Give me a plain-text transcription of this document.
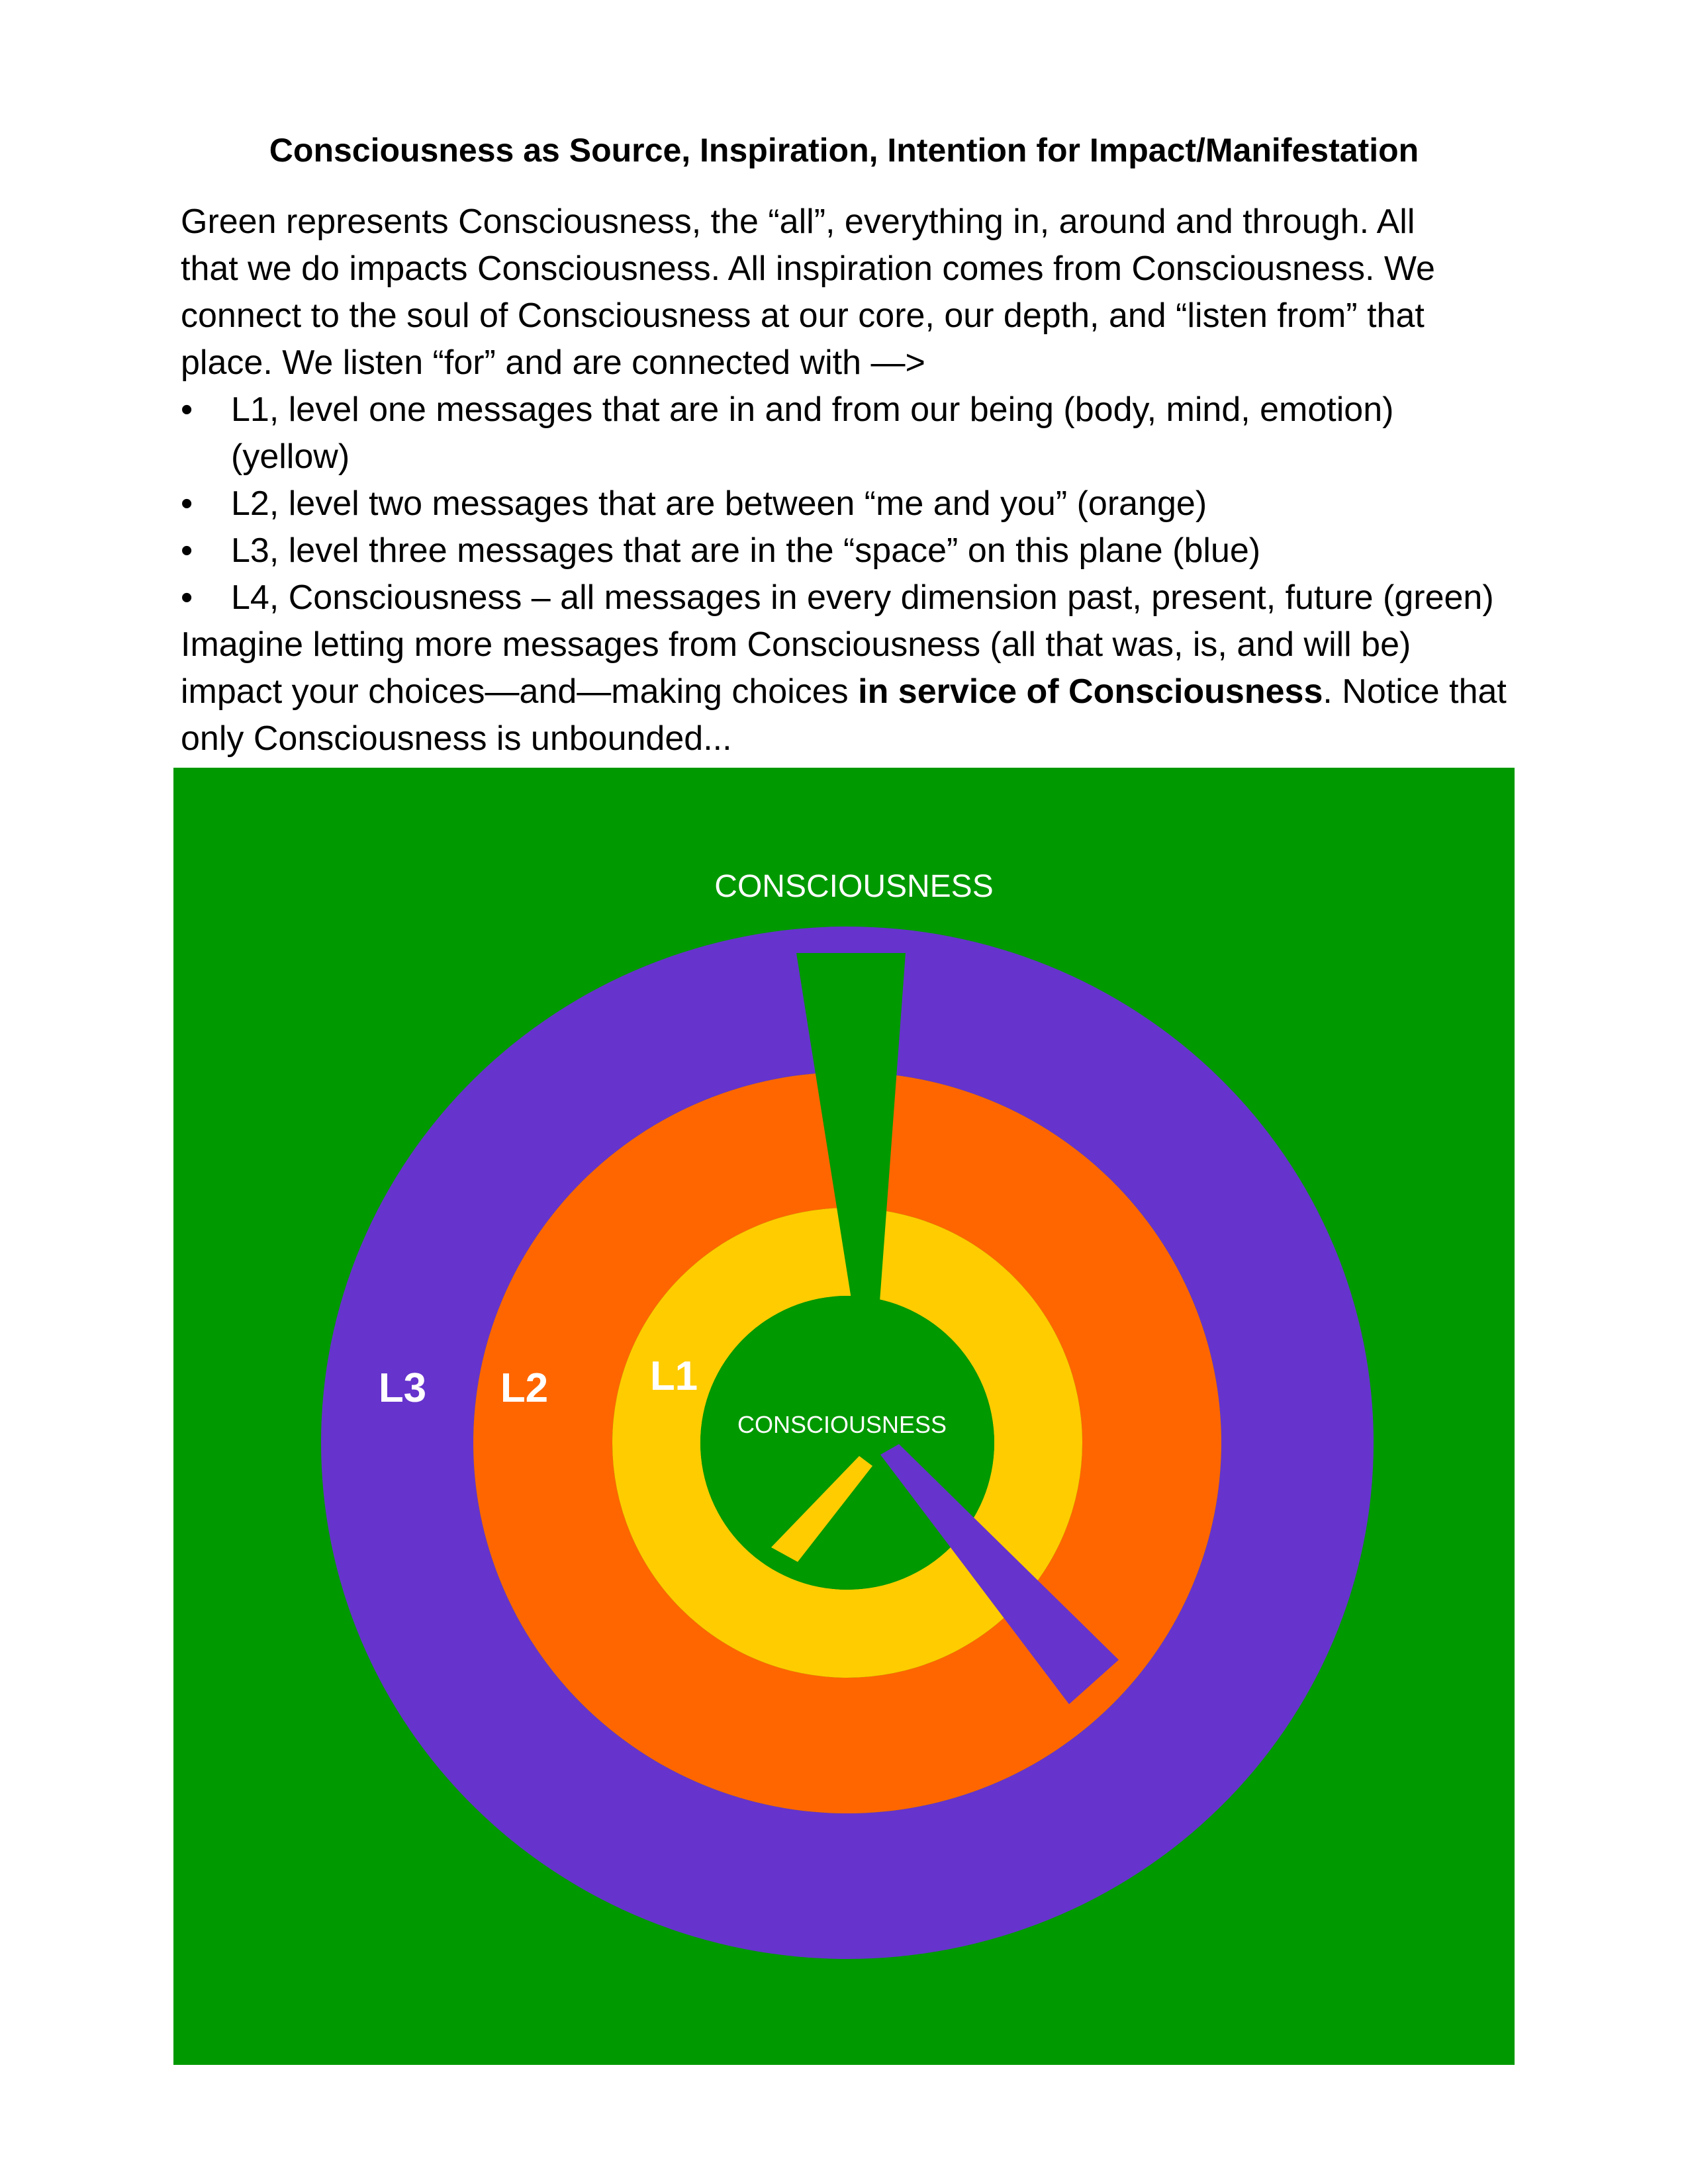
Consciousness as Source, Inspiration, Intention for Impact/Manifestation
Green represents Consciousness, the “all”, everything in, around and through. All
that we do impacts Consciousness. All inspiration comes from Consciousness. We
connect to the soul of Consciousness at our core, our depth, and “listen from” that
place. We listen “for” and are connected with —>
• L1, level one messages that are in and from our being (body, mind, emotion)
(yellow)
• L2, level two messages that are between “me and you” (orange)
• L3, level three messages that are in the “space” on this plane (blue)
• L4, Consciousness – all messages in every dimension past, present, future (green)
Imagine letting more messages from Consciousness (all that was, is, and will be)
impact your choices—and—making choices in service of Consciousness. Notice that
only Consciousness is unbounded...
CONSCIOUSNESS
CONSCIOUSNESS
L3 L2 L1
